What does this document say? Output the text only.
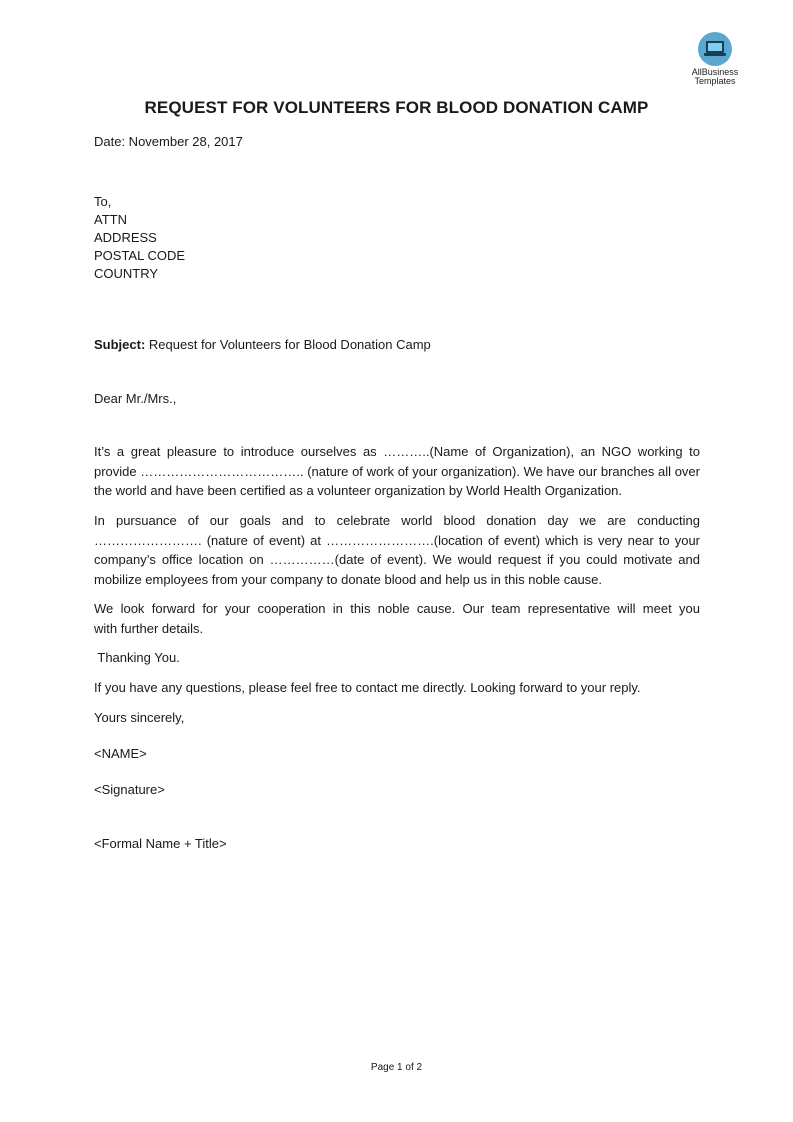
AllBusiness
Templates
REQUEST FOR VOLUNTEERS FOR BLOOD DONATION CAMP
Date: November 28, 2017
To,
ATTN
ADDRESS
POSTAL CODE
COUNTRY
Subject: Request for Volunteers for Blood Donation Camp
Dear Mr./Mrs.,
It’s a great pleasure to introduce ourselves as ………..(Name of Organization), an NGO working to
provide ……………………………….. (nature of work of your organization). We have our branches all over
the world and have been certified as a volunteer organization by World Health Organization.
In pursuance of our goals and to celebrate world blood donation day we are conducting
……………………. (nature of event) at …………………….(location of event) which is very near to your
company’s office location on ……………(date of event). We would request if you could motivate and
mobilize employees from your company to donate blood and help us in this noble cause.
We look forward for your cooperation in this noble cause. Our team representative will meet you
with further details.
Thanking You.
If you have any questions, please feel free to contact me directly. Looking forward to your reply.
Yours sincerely,
<NAME>
<Signature>
<Formal Name + Title>
Page 1 of 2
